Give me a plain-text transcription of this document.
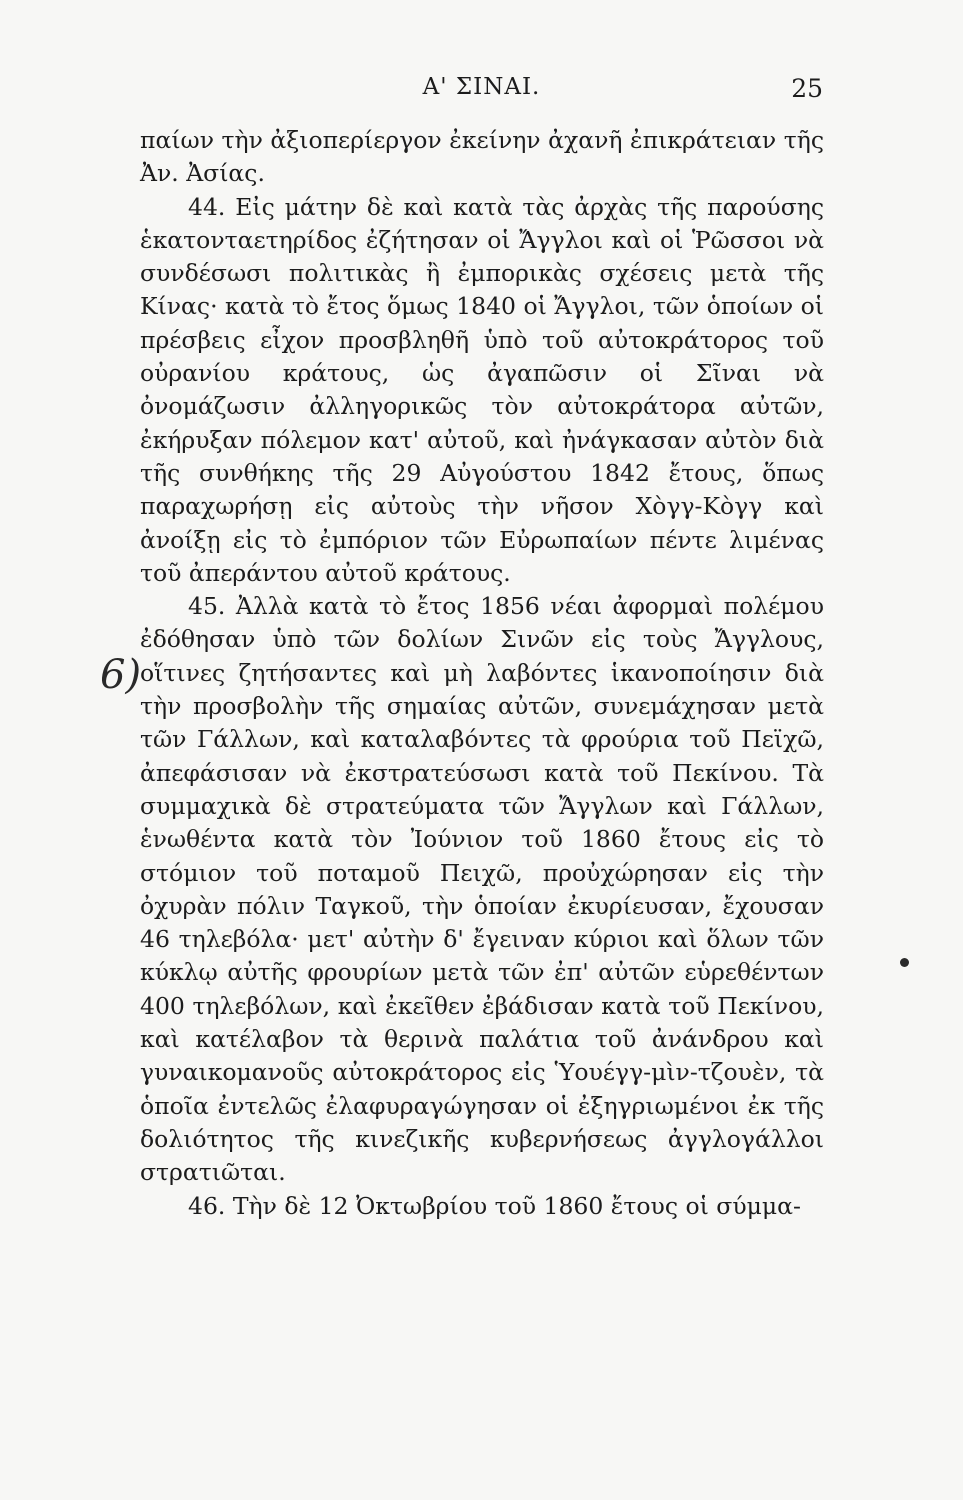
Α' ΣΙΝΑΙ.	25
6)

παίων τὴν ἀξιοπερίεργον ἐκείνην ἀχανῆ ἐπικράτειαν τῆς Ἀν. Ἀσίας.

44. Εἰς μάτην δὲ καὶ κατὰ τὰς ἀρχὰς τῆς παρούσης ἑκατονταετηρίδος ἐζήτησαν οἱ Ἄγγλοι καὶ οἱ Ῥῶσσοι νὰ συνδέσωσι πολιτικὰς ἢ ἐμπορικὰς σχέσεις μετὰ τῆς Κίνας· κατὰ τὸ ἔτος ὅμως 1840 οἱ Ἄγγλοι, τῶν ὁποίων οἱ πρέσβεις εἶχον προσβληθῆ ὑπὸ τοῦ αὐτοκράτορος τοῦ οὐρανίου κράτους, ὡς ἀγαπῶσιν οἱ Σῖναι νὰ ὀνομάζωσιν ἀλληγορικῶς τὸν αὐτοκράτορα αὐτῶν, ἐκήρυξαν πόλεμον κατ' αὐτοῦ, καὶ ἠνάγκασαν αὐτὸν διὰ τῆς συνθήκης τῆς 29 Αὐγούστου 1842 ἔτους, ὅπως παραχωρήσῃ εἰς αὐτοὺς τὴν νῆσον Χὸγγ-Κὸγγ καὶ ἀνοίξῃ εἰς τὸ ἐμπόριον τῶν Εὐρωπαίων πέντε λιμένας τοῦ ἀπεράντου αὐτοῦ κράτους.

45. Ἀλλὰ κατὰ τὸ ἔτος 1856 νέαι ἀφορμαὶ πολέμου ἐδόθησαν ὑπὸ τῶν δολίων Σινῶν εἰς τοὺς Ἄγγλους, οἵτινες ζητήσαντες καὶ μὴ λαβόντες ἱκανοποίησιν διὰ τὴν προσβολὴν τῆς σημαίας αὐτῶν, συνεμάχησαν μετὰ τῶν Γάλλων, καὶ καταλαβόντες τὰ φρούρια τοῦ Πεϊχῶ, ἀπεφάσισαν νὰ ἐκστρατεύσωσι κατὰ τοῦ Πεκίνου. Τὰ συμμαχικὰ δὲ στρατεύματα τῶν Ἄγγλων καὶ Γάλλων, ἑνωθέντα κατὰ τὸν Ἰούνιον τοῦ 1860 ἔτους εἰς τὸ στόμιον τοῦ ποταμοῦ Πειχῶ, προὐχώρησαν εἰς τὴν ὀχυρὰν πόλιν Ταγκοῦ, τὴν ὁποίαν ἐκυρίευσαν, ἔχουσαν 46 τηλεβόλα· μετ' αὐτὴν δ' ἔγειναν κύριοι καὶ ὅλων τῶν κύκλῳ αὐτῆς φρουρίων μετὰ τῶν ἐπ' αὐτῶν εὑρεθέντων 400 τηλεβόλων, καὶ ἐκεῖθεν ἐβάδισαν κατὰ τοῦ Πεκίνου, καὶ κατέλαβον τὰ θερινὰ παλάτια τοῦ ἀνάνδρου καὶ γυναικομανοῦς αὐτοκράτορος εἰς Ὑουέγγ-μὶν-τζουὲν, τὰ ὁποῖα ἐντελῶς ἐλαφυραγώγησαν οἱ ἐξηγριωμένοι ἐκ τῆς δολιότητος τῆς κινεζικῆς κυβερνήσεως ἀγγλογάλλοι στρατιῶται.

46. Τὴν δὲ 12 Ὀκτωβρίου τοῦ 1860 ἔτους οἱ σύμμα-
